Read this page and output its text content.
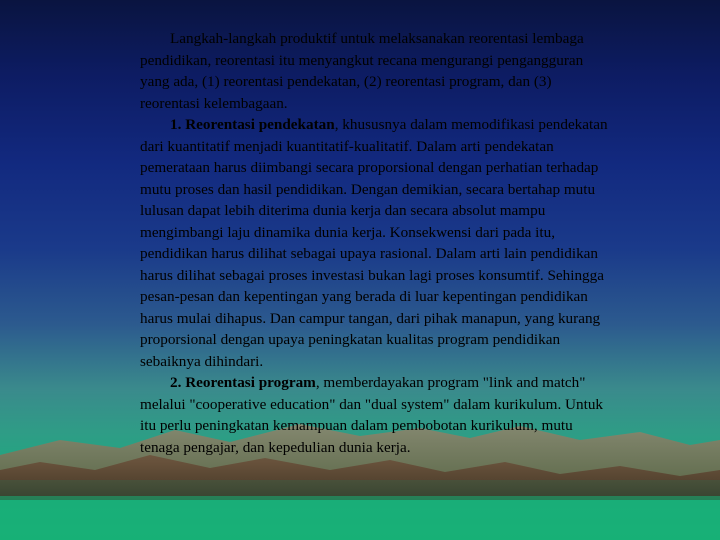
Langkah-langkah produktif untuk melaksanakan reorentasi lembaga pendidikan, reorentasi itu menyangkut recana mengurangi pengangguran yang ada, (1) reorentasi pendekatan, (2) reorentasi program, dan (3) reorentasi kelembagaan.

1. Reorentasi pendekatan, khususnya dalam memodifikasi pendekatan dari kuantitatif menjadi kuantitatif-kualitatif. Dalam arti pendekatan pemerataan harus diimbangi secara proporsional dengan perhatian terhadap mutu proses dan hasil pendidikan. Dengan demikian, secara bertahap mutu lulusan dapat lebih diterima dunia kerja dan secara absolut mampu mengimbangi laju dinamika dunia kerja. Konsekwensi dari pada itu, pendidikan harus dilihat sebagai upaya rasional. Dalam arti lain pendidikan harus dilihat sebagai proses investasi bukan lagi proses konsumtif. Sehingga pesan-pesan dan kepentingan yang berada di luar kepentingan pendidikan harus mulai dihapus. Dan campur tangan, dari pihak manapun, yang kurang proporsional dengan upaya peningkatan kualitas program pendidikan sebaiknya dihindari.

2. Reorentasi program, memberdayakan program "link and match" melalui "cooperative education" dan "dual system" dalam kurikulum. Untuk itu perlu peningkatan kemampuan dalam pembobotan kurikulum, mutu tenaga pengajar, dan kepedulian dunia kerja.
